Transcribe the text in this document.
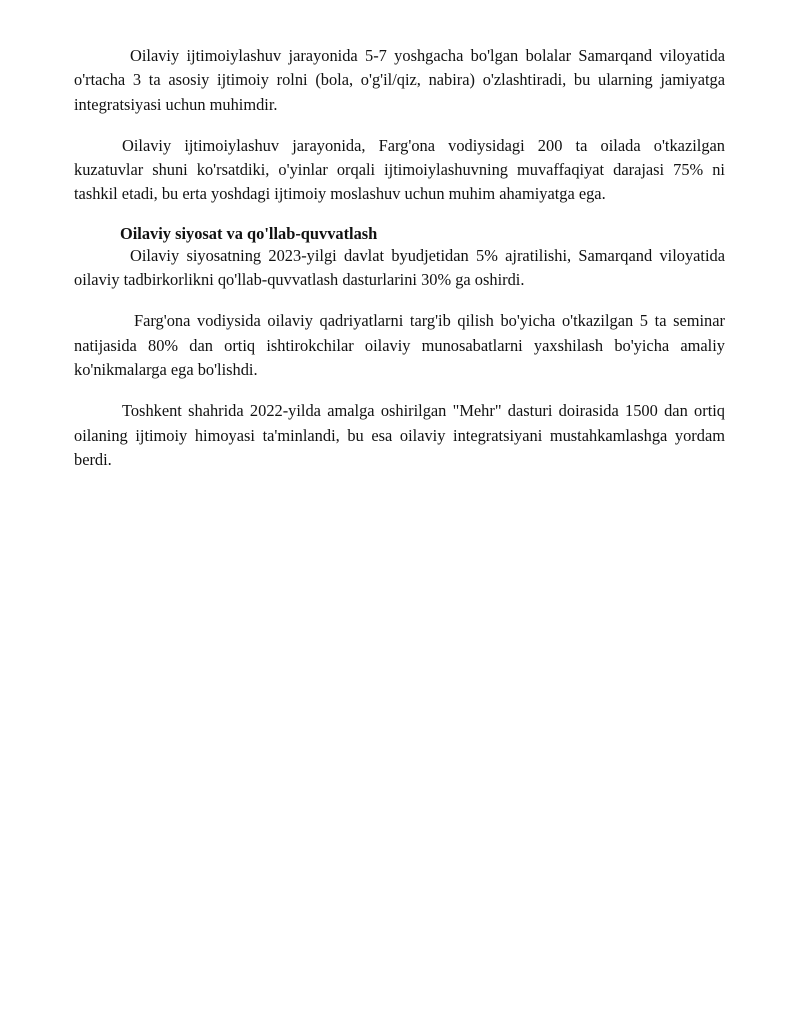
Oilaviy ijtimoiylashuv jarayonida 5-7 yoshgacha bo'lgan bolalar Samarqand viloyatida o'rtacha 3 ta asosiy ijtimoiy rolni (bola, o'g'il/qiz, nabira) o'zlashtiradi, bu ularning jamiyatga integratsiyasi uchun muhimdir.

Oilaviy ijtimoiylashuv jarayonida, Farg'ona vodiysidagi 200 ta oilada o'tkazilgan kuzatuvlar shuni ko'rsatdiki, o'yinlar orqali ijtimoiylashuvning muvaffaqiyat darajasi 75% ni tashkil etadi, bu erta yoshdagi ijtimoiy moslashuv uchun muhim ahamiyatga ega.

Oilaviy siyosat va qo'llab-quvvatlash

Oilaviy siyosatning 2023-yilgi davlat byudjetidan 5% ajratilishi, Samarqand viloyatida oilaviy tadbirkorlikni qo'llab-quvvatlash dasturlarini 30% ga oshirdi.

Farg'ona vodiysida oilaviy qadriyatlarni targ'ib qilish bo'yicha o'tkazilgan 5 ta seminar natijasida 80% dan ortiq ishtirokchilar oilaviy munosabatlarni yaxshilash bo'yicha amaliy ko'nikmalarga ega bo'lishdi.

Toshkent shahrida 2022-yilda amalga oshirilgan "Mehr" dasturi doirasida 1500 dan ortiq oilaning ijtimoiy himoyasi ta'minlandi, bu esa oilaviy integratsiyani mustahkamlashga yordam berdi.
